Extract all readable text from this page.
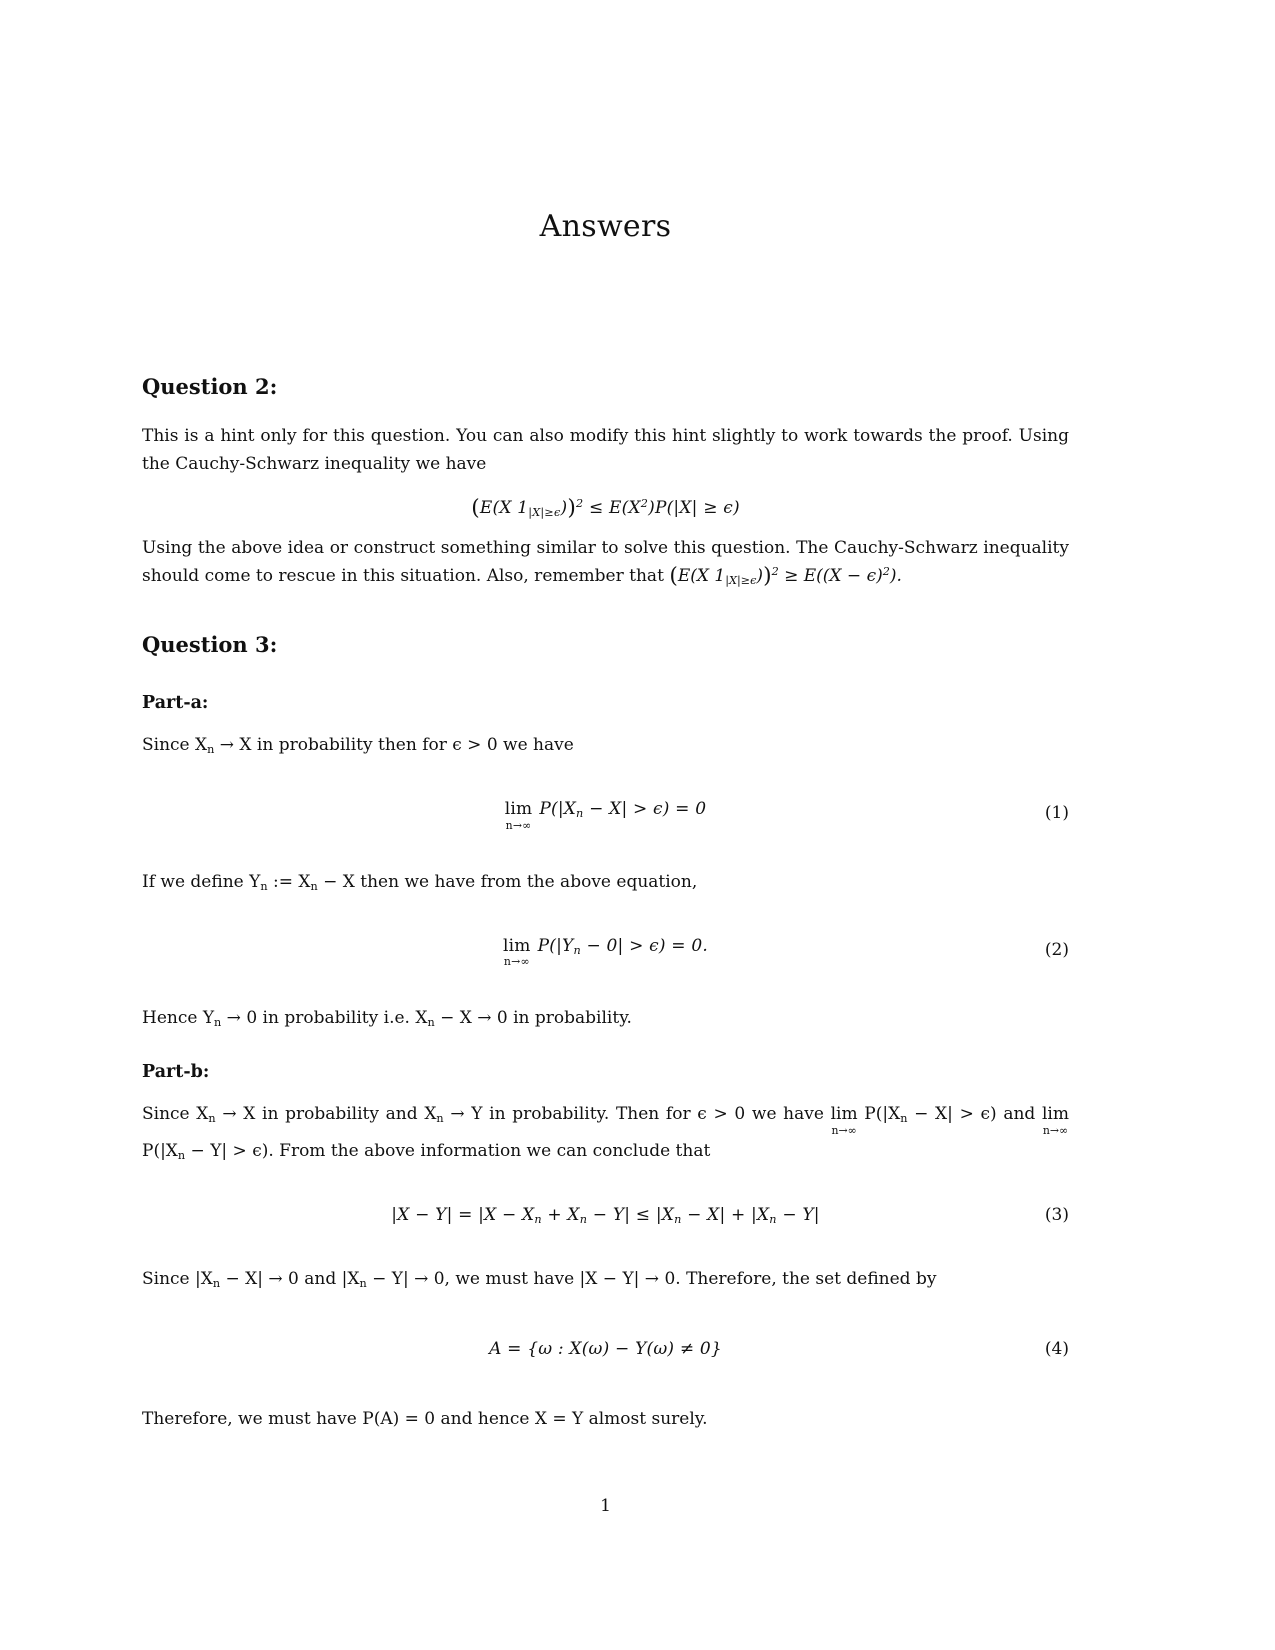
Answers
Question 2:

This is a hint only for this question. You can also modify this hint slightly to work towards the proof. Using the Cauchy-Schwarz inequality we have

(E(X $1_{|X|\ge\epsilon}))^2 \le E(X^2)P(|X| \ge \epsilon)$

Using the above idea or construct something similar to solve this question. The Cauchy-Schwarz inequality should come to rescue in this situation. Also, remember that (E(X $1_{|X|\ge\epsilon}))^2 \ge E((X - \epsilon)^2)$.

Question 3:
Part-a:

Since $X_n \to X$ in probability then for ϵ > 0 we have

lim
n→∞
$P(|X_n - X| > \epsilon) = 0$	(1)

If we define $Y_n$ := $X_n - X$ then we have from the above equation,

lim
n→∞
$P(|Y_n - 0| > \epsilon) = 0$.	(2)

Hence $Y_n \to 0$ in probability i.e. $X_n - X \to 0$ in probability.

Part-b:

Since $X_n \to X$ in probability and $X_n \to Y$ in probability. Then for ϵ > 0 we have lim
n→∞
$P(|X_n - X| > \epsilon)$ and lim
n→∞
$P(|X_n - Y| > \epsilon)$. From the above information we can conclude that

$|X - Y| = |X - X_n + X_n - Y| \le |X_n - X| + |X_n - Y|$	(3)

Since $|X_n - X| \to 0$ and $|X_n - Y| \to 0$, we must have |X − Y| → 0. Therefore, the set defined by

A = {ω : X(ω) − Y(ω) ≠ 0}	(4)

Therefore, we must have P(A) = 0 and hence X = Y almost surely.

1
